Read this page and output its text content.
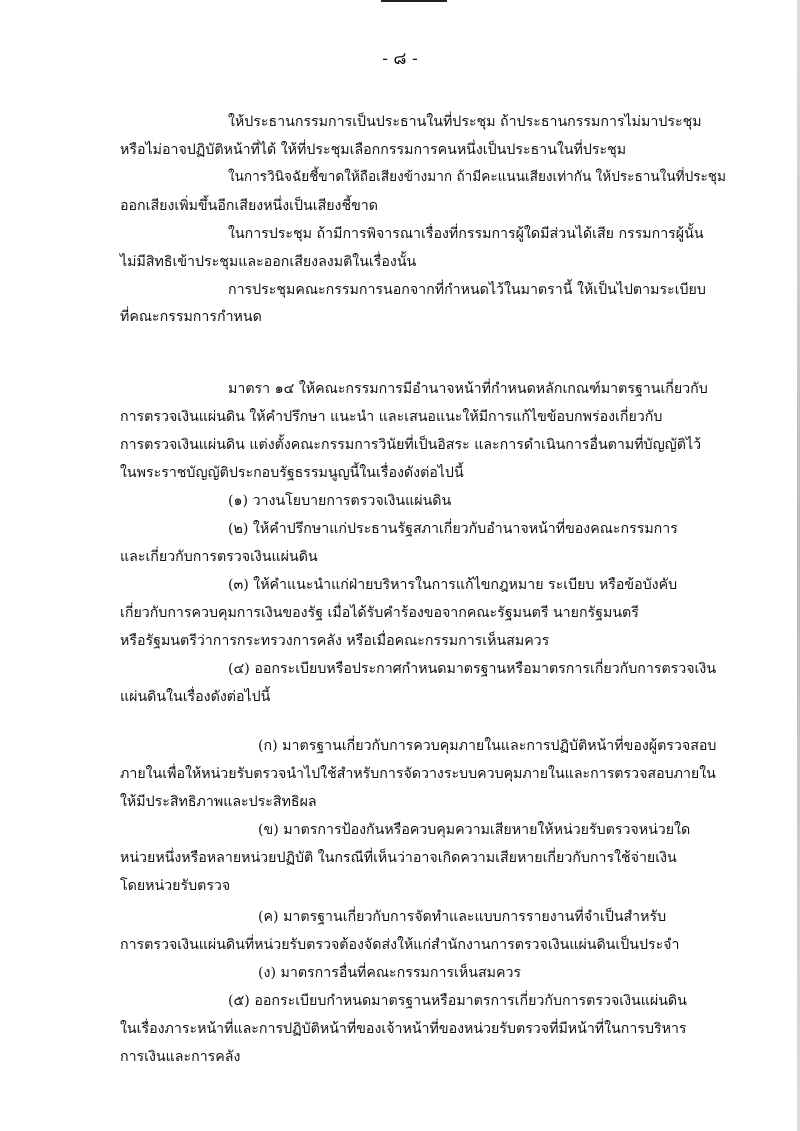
- ๘ -
ให้ประธานกรรมการเป็นประธานในที่ประชุม ถ้าประธานกรรมการไม่มาประชุม
หรือไม่อาจปฏิบัติหน้าที่ได้ ให้ที่ประชุมเลือกกรรมการคนหนึ่งเป็นประธานในที่ประชุม
ในการวินิจฉัยชี้ขาดให้ถือเสียงข้างมาก ถ้ามีคะแนนเสียงเท่ากัน ให้ประธานในที่ประชุม
ออกเสียงเพิ่มขึ้นอีกเสียงหนึ่งเป็นเสียงชี้ขาด
ในการประชุม ถ้ามีการพิจารณาเรื่องที่กรรมการผู้ใดมีส่วนได้เสีย กรรมการผู้นั้น
ไม่มีสิทธิเข้าประชุมและออกเสียงลงมติในเรื่องนั้น
การประชุมคณะกรรมการนอกจากที่กำหนดไว้ในมาตรานี้ ให้เป็นไปตามระเบียบ
ที่คณะกรรมการกำหนด
มาตรา ๑๔ ให้คณะกรรมการมีอำนาจหน้าที่กำหนดหลักเกณฑ์มาตรฐานเกี่ยวกับ
การตรวจเงินแผ่นดิน ให้คำปรึกษา แนะนำ และเสนอแนะให้มีการแก้ไขข้อบกพร่องเกี่ยวกับ
การตรวจเงินแผ่นดิน แต่งตั้งคณะกรรมการวินัยที่เป็นอิสระ และการดำเนินการอื่นตามที่บัญญัติไว้
ในพระราชบัญญัติประกอบรัฐธรรมนูญนี้ในเรื่องดังต่อไปนี้
(๑) วางนโยบายการตรวจเงินแผ่นดิน
(๒) ให้คำปรึกษาแก่ประธานรัฐสภาเกี่ยวกับอำนาจหน้าที่ของคณะกรรมการ
และเกี่ยวกับการตรวจเงินแผ่นดิน
(๓) ให้คำแนะนำแก่ฝ่ายบริหารในการแก้ไขกฎหมาย ระเบียบ หรือข้อบังคับ
เกี่ยวกับการควบคุมการเงินของรัฐ เมื่อได้รับคำร้องขอจากคณะรัฐมนตรี นายกรัฐมนตรี
หรือรัฐมนตรีว่าการกระทรวงการคลัง หรือเมื่อคณะกรรมการเห็นสมควร
(๔) ออกระเบียบหรือประกาศกำหนดมาตรฐานหรือมาตรการเกี่ยวกับการตรวจเงิน
แผ่นดินในเรื่องดังต่อไปนี้
(ก) มาตรฐานเกี่ยวกับการควบคุมภายในและการปฏิบัติหน้าที่ของผู้ตรวจสอบ
ภายในเพื่อให้หน่วยรับตรวจนำไปใช้สำหรับการจัดวางระบบควบคุมภายในและการตรวจสอบภายใน
ให้มีประสิทธิภาพและประสิทธิผล
(ข) มาตรการป้องกันหรือควบคุมความเสียหายให้หน่วยรับตรวจหน่วยใด
หน่วยหนึ่งหรือหลายหน่วยปฏิบัติ ในกรณีที่เห็นว่าอาจเกิดความเสียหายเกี่ยวกับการใช้จ่ายเงิน
โดยหน่วยรับตรวจ
(ค) มาตรฐานเกี่ยวกับการจัดทำและแบบการรายงานที่จำเป็นสำหรับ
การตรวจเงินแผ่นดินที่หน่วยรับตรวจต้องจัดส่งให้แก่สำนักงานการตรวจเงินแผ่นดินเป็นประจำ
(ง) มาตรการอื่นที่คณะกรรมการเห็นสมควร
(๕) ออกระเบียบกำหนดมาตรฐานหรือมาตรการเกี่ยวกับการตรวจเงินแผ่นดิน
ในเรื่องภาระหน้าที่และการปฏิบัติหน้าที่ของเจ้าหน้าที่ของหน่วยรับตรวจที่มีหน้าที่ในการบริหาร
การเงินและการคลัง
